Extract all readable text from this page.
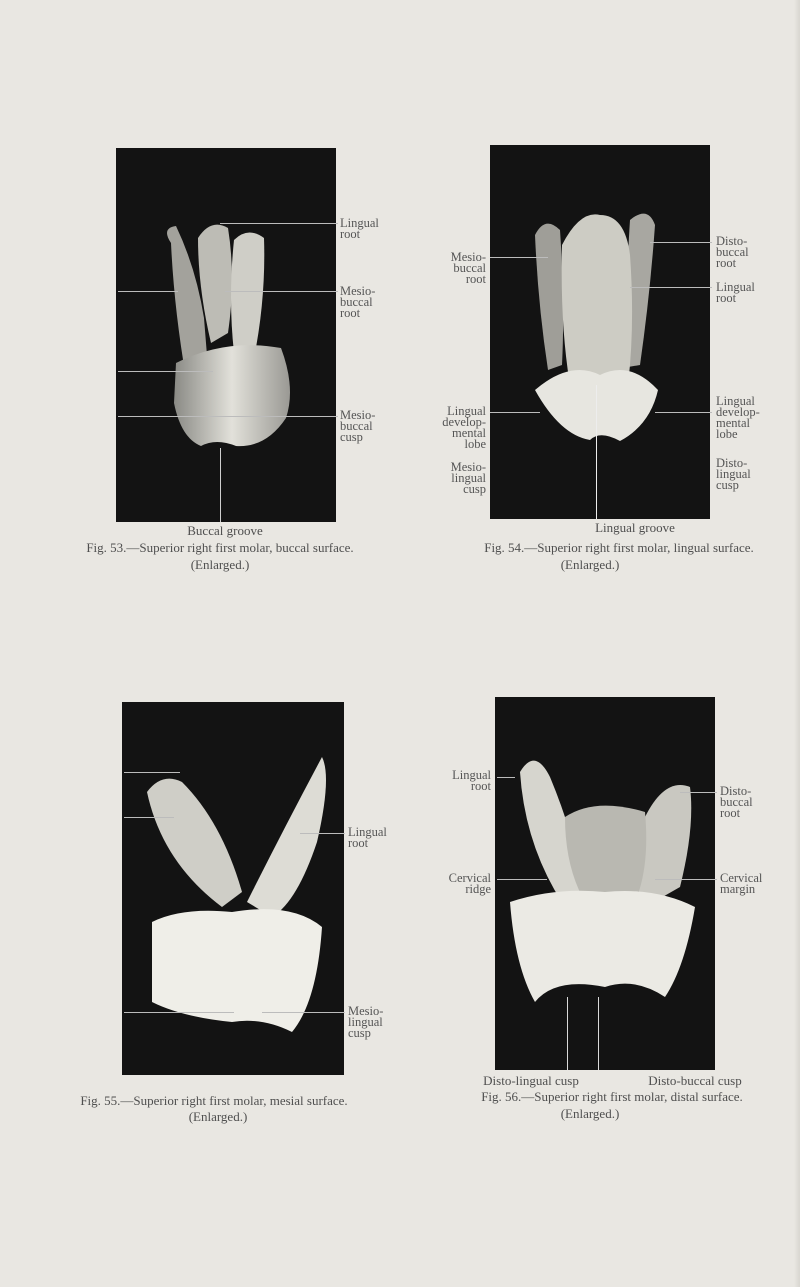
Lingual
root
Mesio-
buccal
root
Mesio-
buccal
cusp
Buccal groove
Fig. 53.—Superior right first molar, buccal surface.
(Enlarged.)
Mesio-
buccal
root
Disto-
buccal
root
Lingual
root
Lingual
develop-
mental
lobe
Lingual
develop-
mental
lobe
Mesio-
lingual
cusp
Disto-
lingual
cusp
Lingual groove
Fig. 54.—Superior right first molar, lingual surface.
(Enlarged.)
Lingual
root
Mesio-
lingual
cusp
Fig. 55.—Superior right first molar, mesial surface.
(Enlarged.)
Lingual
root	Disto-
buccal
root
Cervical
ridge
Cervical
margin
Disto-lingual cusp	Disto-buccal cusp
Fig. 56.—Superior right first molar, distal surface.
(Enlarged.)
